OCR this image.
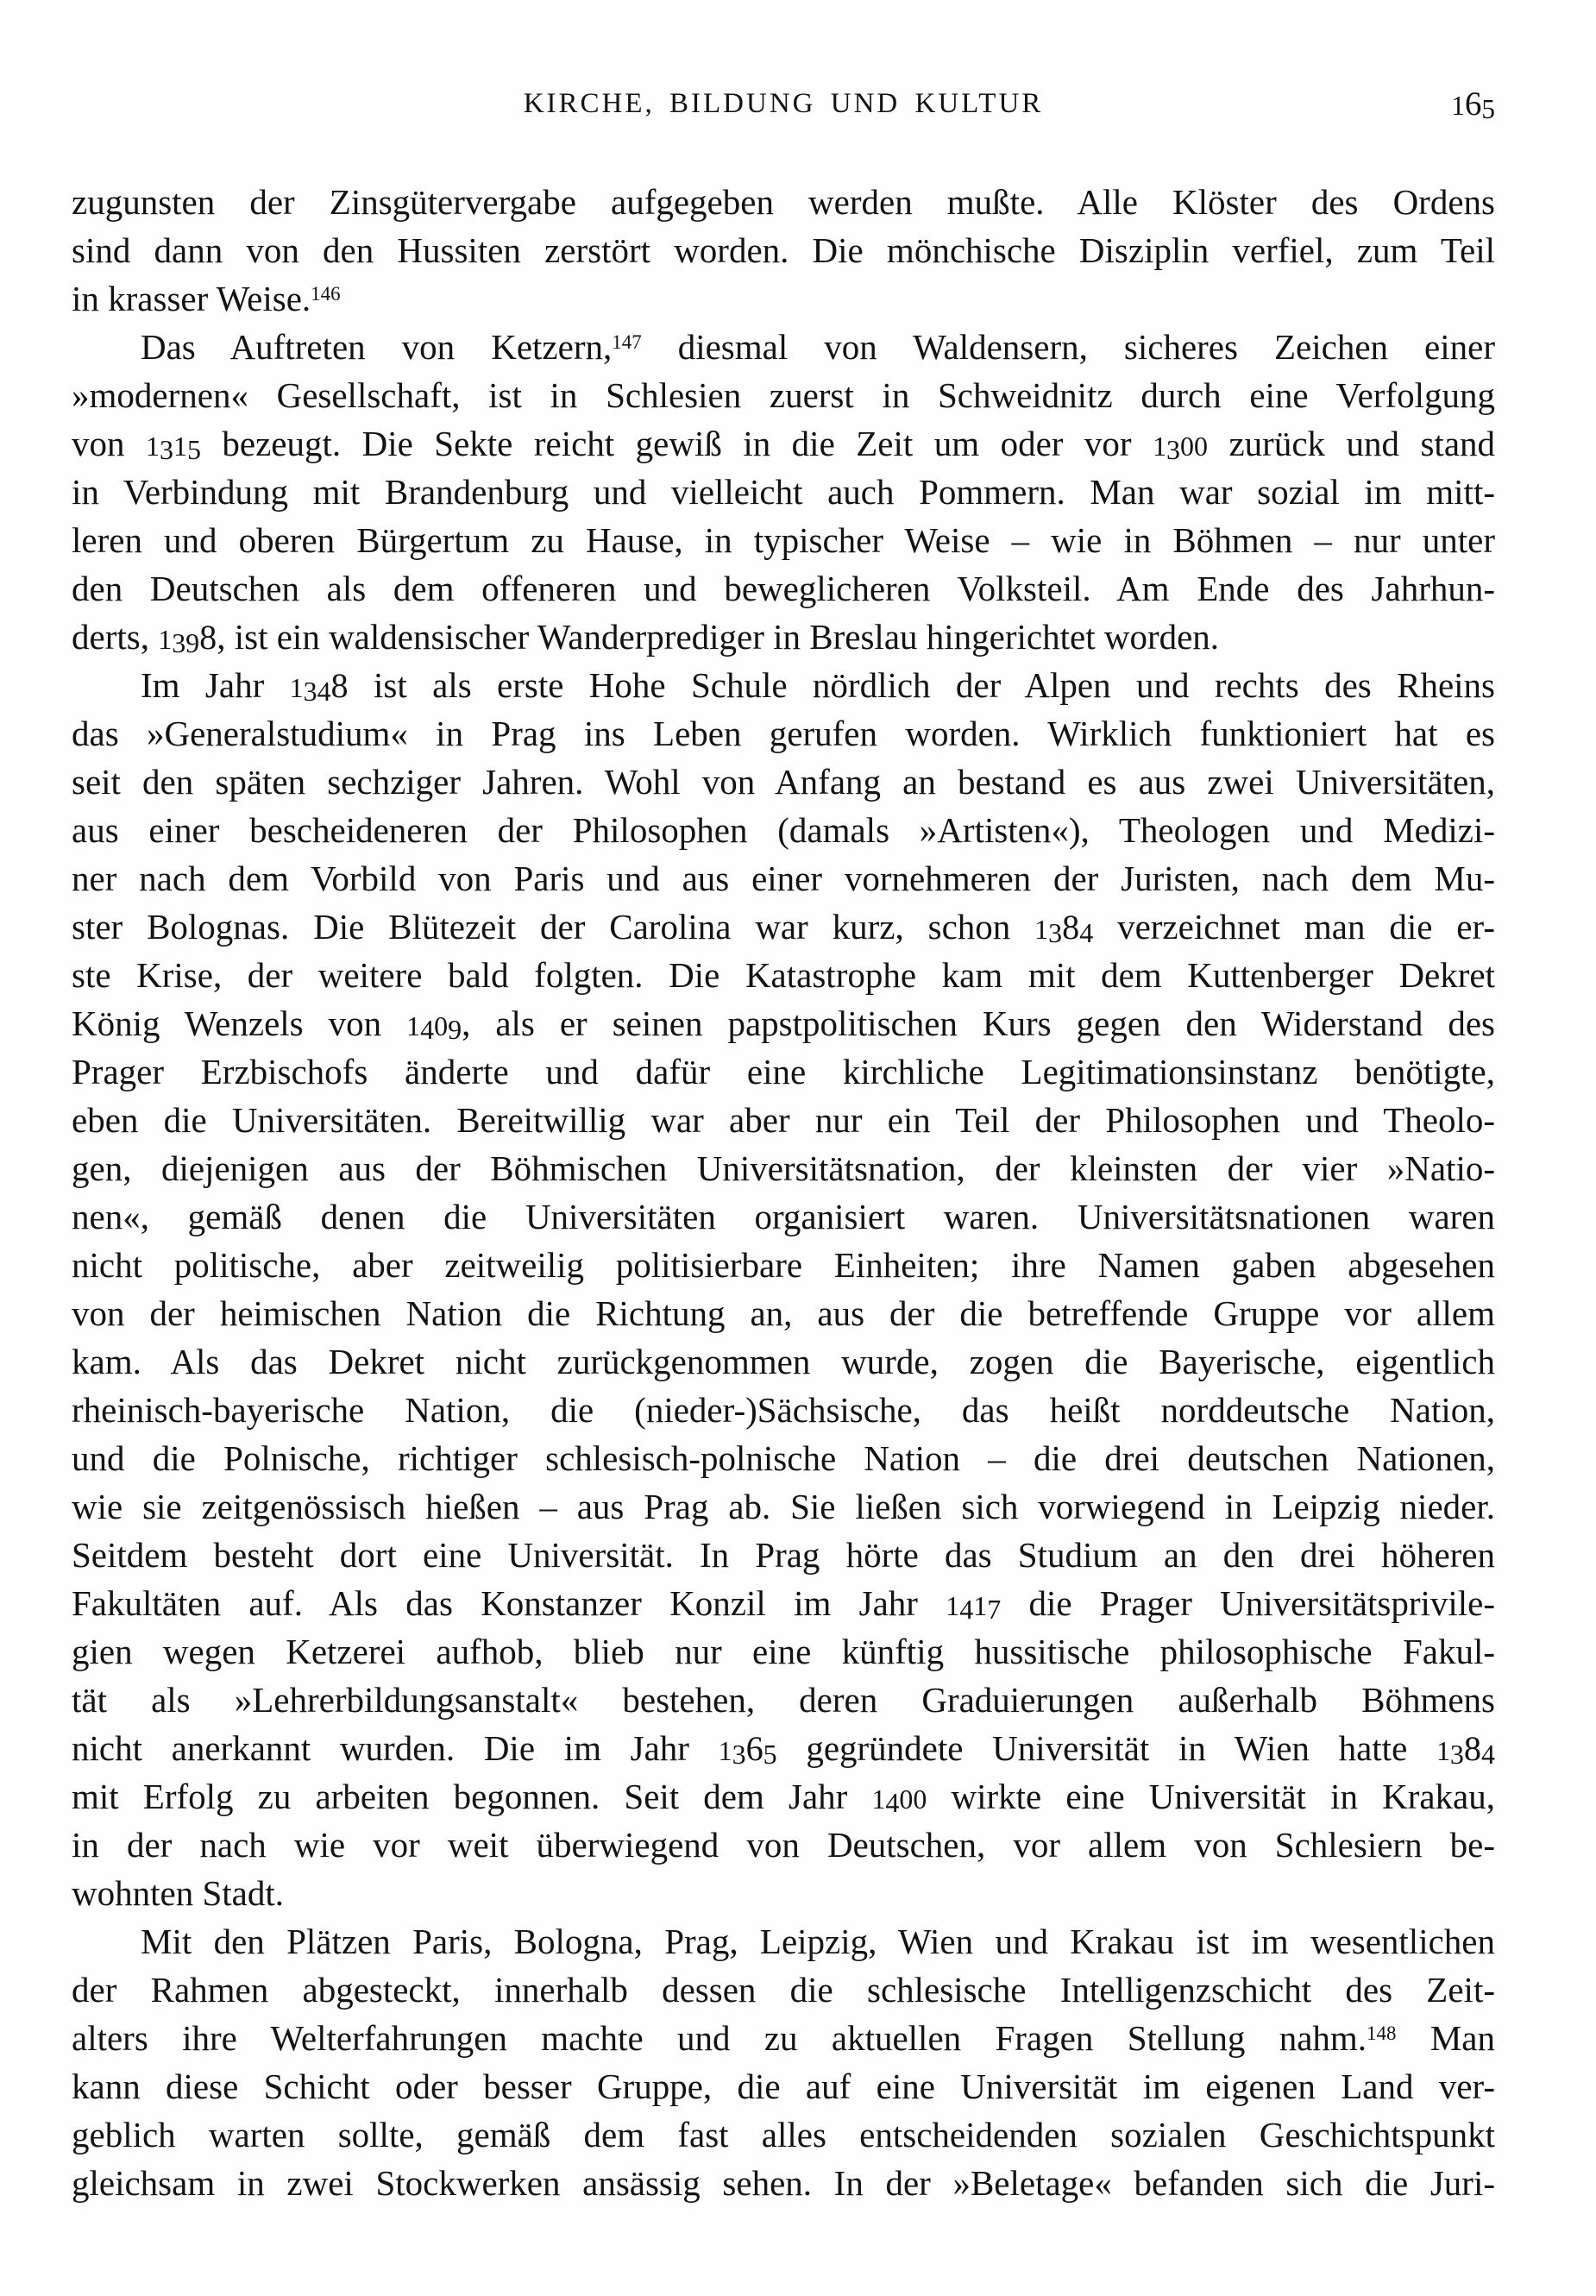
KIRCHE, BILDUNG UND KULTUR	165
zugunsten der Zinsgütervergabe aufgegeben werden mußte. Alle Klöster des Ordens
sind dann von den Hussiten zerstört worden. Die mönchische Disziplin verfiel, zum Teil
in krasser Weise.$^{146}$
Das Auftreten von Ketzern,$^{147}$ diesmal von Waldensern, sicheres Zeichen einer
»modernen« Gesellschaft, ist in Schlesien zuerst in Schweidnitz durch eine Verfolgung
von 1315 bezeugt. Die Sekte reicht gewiß in die Zeit um oder vor 1300 zurück und stand
in Verbindung mit Brandenburg und vielleicht auch Pommern. Man war sozial im mitt-
leren und oberen Bürgertum zu Hause, in typischer Weise – wie in Böhmen – nur unter
den Deutschen als dem offeneren und beweglicheren Volksteil. Am Ende des Jahrhun-
derts, 1398, ist ein waldensischer Wanderprediger in Breslau hingerichtet worden.
Im Jahr 1348 ist als erste Hohe Schule nördlich der Alpen und rechts des Rheins
das »Generalstudium« in Prag ins Leben gerufen worden. Wirklich funktioniert hat es
seit den späten sechziger Jahren. Wohl von Anfang an bestand es aus zwei Universitäten,
aus einer bescheideneren der Philosophen (damals »Artisten«), Theologen und Medizi-
ner nach dem Vorbild von Paris und aus einer vornehmeren der Juristen, nach dem Mu-
ster Bolognas. Die Blütezeit der Carolina war kurz, schon 1384 verzeichnet man die er-
ste Krise, der weitere bald folgten. Die Katastrophe kam mit dem Kuttenberger Dekret
König Wenzels von 1409, als er seinen papstpolitischen Kurs gegen den Widerstand des
Prager Erzbischofs änderte und dafür eine kirchliche Legitimationsinstanz benötigte,
eben die Universitäten. Bereitwillig war aber nur ein Teil der Philosophen und Theolo-
gen, diejenigen aus der Böhmischen Universitätsnation, der kleinsten der vier »Natio-
nen«, gemäß denen die Universitäten organisiert waren. Universitätsnationen waren
nicht politische, aber zeitweilig politisierbare Einheiten; ihre Namen gaben abgesehen
von der heimischen Nation die Richtung an, aus der die betreffende Gruppe vor allem
kam. Als das Dekret nicht zurückgenommen wurde, zogen die Bayerische, eigentlich
rheinisch-bayerische Nation, die (nieder-)Sächsische, das heißt norddeutsche Nation,
und die Polnische, richtiger schlesisch-polnische Nation – die drei deutschen Nationen,
wie sie zeitgenössisch hießen – aus Prag ab. Sie ließen sich vorwiegend in Leipzig nieder.
Seitdem besteht dort eine Universität. In Prag hörte das Studium an den drei höheren
Fakultäten auf. Als das Konstanzer Konzil im Jahr 1417 die Prager Universitätsprivile-
gien wegen Ketzerei aufhob, blieb nur eine künftig hussitische philosophische Fakul-
tät als »Lehrerbildungsanstalt« bestehen, deren Graduierungen außerhalb Böhmens
nicht anerkannt wurden. Die im Jahr 1365 gegründete Universität in Wien hatte 1384
mit Erfolg zu arbeiten begonnen. Seit dem Jahr 1400 wirkte eine Universität in Krakau,
in der nach wie vor weit überwiegend von Deutschen, vor allem von Schlesiern be-
wohnten Stadt.
Mit den Plätzen Paris, Bologna, Prag, Leipzig, Wien und Krakau ist im wesentlichen
der Rahmen abgesteckt, innerhalb dessen die schlesische Intelligenzschicht des Zeit-
alters ihre Welterfahrungen machte und zu aktuellen Fragen Stellung nahm.$^{148}$ Man
kann diese Schicht oder besser Gruppe, die auf eine Universität im eigenen Land ver-
geblich warten sollte, gemäß dem fast alles entscheidenden sozialen Geschichtspunkt
gleichsam in zwei Stockwerken ansässig sehen. In der »Beletage« befanden sich die Juri-
